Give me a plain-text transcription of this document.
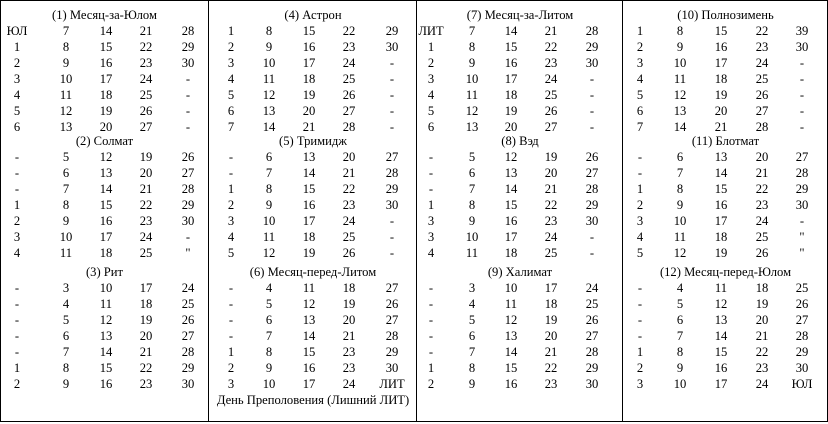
(1) Месяц-за-Юлом
ЮЛ	7	14	21	28
1	8	15	22	29
2	9	16	23	30
3	10	17	24	-
4	11	18	25	-
5	12	19	26	-
6	13	20	27	-
(2) Солмат
-	5	12	19	26
-	6	13	20	27
-	7	14	21	28
1	8	15	22	29
2	9	16	23	30
3	10	17	24	-
4	11	18	25	"
(3) Рит
-	3	10	17	24
-	4	11	18	25
-	5	12	19	26
-	6	13	20	27
-	7	14	21	28
1	8	15	22	29
2	9	16	23	30
(4) Астрон
1	8	15	22	29
2	9	16	23	30
3	10	17	24	-
4	11	18	25	-
5	12	19	26	-
6	13	20	27	-
7	14	21	28	-
(5) Тримидж
-	6	13	20	27
-	7	14	21	28
1	8	15	22	29
2	9	16	23	30
3	10	17	24	-
4	11	18	25	-
5	12	19	26	-
(6) Месяц-перед-Литом
-	4	11	18	27
-	5	12	19	26
-	6	13	20	27
-	7	14	21	28
1	8	15	23	29
2	9	16	23	30
3	10	17	24	ЛИТ
День Преполовения (Лишний ЛИТ)
(7) Месяц-за-Литом
ЛИТ	7	14	21	28
1	8	15	22	29
2	9	16	23	30
3	10	17	24	-
4	11	18	25	-
5	12	19	26	-
6	13	20	27	-
(8) Вэд
-	5	12	19	26
-	6	13	20	27
-	7	14	21	28
1	8	15	22	29
3	9	16	23	30
3	10	17	24	-
4	11	18	25	-
(9) Халимат
-	3	10	17	24
-	4	11	18	25
-	5	12	19	26
-	6	13	20	27
-	7	14	21	28
1	8	15	22	29
2	9	16	23	30
(10) Полнозимень
1	8	15	22	39
2	9	16	23	30
3	10	17	24	-
4	11	18	25	-
5	12	19	26	-
6	13	20	27	-
7	14	21	28	-
(11) Блотмат
-	6	13	20	27
-	7	14	21	28
1	8	15	22	29
2	9	16	23	30
3	10	17	24	-
4	11	18	25	"
5	12	19	26	"
(12) Месяц-перед-Юлом
-	4	11	18	25
-	5	12	19	26
-	6	13	20	27
-	7	14	21	28
1	8	15	22	29
2	9	16	23	30
3	10	17	24	ЮЛ
